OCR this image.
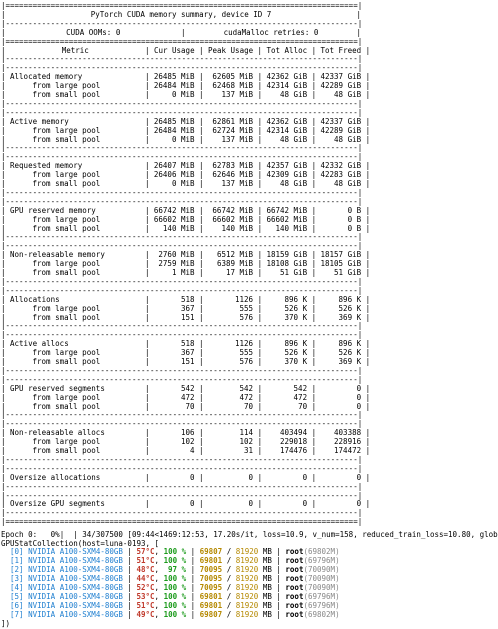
|==============================================================================|
|	PyTorch CUDA memory summary, device ID 7	|
|------------------------------------------------------------------------------|
|	CUDA OOMs: 0	|	cudaMalloc retries: 0	|
|==============================================================================|
|	Metric	| Cur Usage | Peak Usage | Tot Alloc | Tot Freed |
|------------------------------------------------------------------------------|
|------------------------------------------------------------------------------|
| Allocated memory	| 26485 MiB | 62605 MiB | 42362 GiB | 42337 GiB |
|	from large pool	| 26484 MiB | 62468 MiB | 42314 GiB | 42289 GiB |
|	from small pool	|	0 MiB | 137 MiB | 48 GiB | 48 GiB |
|------------------------------------------------------------------------------|
|------------------------------------------------------------------------------|
| Active memory	| 26485 MiB | 62861 MiB | 42362 GiB | 42337 GiB |
|	from large pool	| 26484 MiB | 62724 MiB | 42314 GiB | 42289 GiB |
|	from small pool	|	0 MiB | 137 MiB | 48 GiB | 48 GiB |
|------------------------------------------------------------------------------|
|------------------------------------------------------------------------------|
| Requested memory	| 26407 MiB | 62783 MiB | 42357 GiB | 42332 GiB |
|	from large pool	| 26406 MiB | 62646 MiB | 42309 GiB | 42283 GiB |
|	from small pool	|	0 MiB | 137 MiB | 48 GiB | 48 GiB |
|------------------------------------------------------------------------------|
|------------------------------------------------------------------------------|
| GPU reserved memory	| 66742 MiB | 66742 MiB | 66742 MiB |	0 B |
|	from large pool	| 66602 MiB | 66602 MiB | 66602 MiB |	0 B |
|	from small pool	| 140 MiB | 140 MiB | 140 MiB |	0 B |
|------------------------------------------------------------------------------|
|------------------------------------------------------------------------------|
| Non-releasable memory	| 2760 MiB | 6512 MiB | 18159 GiB | 18157 GiB |
|	from large pool	| 2759 MiB | 6389 MiB | 18108 GiB | 18105 GiB |
|	from small pool	|	1 MiB |	17 MiB | 51 GiB | 51 GiB |
|------------------------------------------------------------------------------|
|------------------------------------------------------------------------------|
| Allocations	|	518 |	1126 |	896 K |	896 K |
|	from large pool	|	367 |	555 |	526 K |	526 K |
|	from small pool	|	151 |	576 |	370 K |	369 K |
|------------------------------------------------------------------------------|
|------------------------------------------------------------------------------|
| Active allocs	|	518 |	1126 |	896 K |	896 K |
|	from large pool	|	367 |	555 |	526 K |	526 K |
|	from small pool	|	151 |	576 |	370 K |	369 K |
|------------------------------------------------------------------------------|
|------------------------------------------------------------------------------|
| GPU reserved segments	|	542 |	542 |	542 |	0 |
|	from large pool	|	472 |	472 |	472 |	0 |
|	from small pool	|	70 |	70 |	70 |	0 |
|------------------------------------------------------------------------------|
|------------------------------------------------------------------------------|
| Non-releasable allocs	|	106 |	114 | 403494 | 403388 |
|	from large pool	|	102 |	102 | 229018 | 228916 |
|	from small pool	|	4 |	31 | 174476 | 174472 |
|------------------------------------------------------------------------------|
|------------------------------------------------------------------------------|
| Oversize allocations	|	0 |	0 |	0 |	0 |
|------------------------------------------------------------------------------|
|------------------------------------------------------------------------------|
| Oversize GPU segments	|	0 |	0 |	0 |	0 |
|------------------------------------------------------------------------------|
|==============================================================================|
Epoch 0:   0%|  | 34/307500 [09:44<1469:12:53, 17.20s/it, loss=10.9, v_num=158, reduced_train_loss=10.80, glob
GPUStatCollection(host=luna-0193, [
[0] NVIDIA A100-SXM4-80GB | 57°C, 100 % | 69807 / 81920 MB | root(69802M)
[1] NVIDIA A100-SXM4-80GB | 51°C, 100 % | 69801 / 81920 MB | root(69796M)
[2] NVIDIA A100-SXM4-80GB | 48°C, 97 % | 70095 / 81920 MB | root(70090M)
[3] NVIDIA A100-SXM4-80GB | 44°C, 100 % | 70095 / 81920 MB | root(70090M)
[4] NVIDIA A100-SXM4-80GB | 52°C, 100 % | 70095 / 81920 MB | root(70090M)
[5] NVIDIA A100-SXM4-80GB | 53°C, 100 % | 69801 / 81920 MB | root(69796M)
[6] NVIDIA A100-SXM4-80GB | 51°C, 100 % | 69801 / 81920 MB | root(69796M)
[7] NVIDIA A100-SXM4-80GB | 49°C, 100 % | 69807 / 81920 MB | root(69802M)
])
